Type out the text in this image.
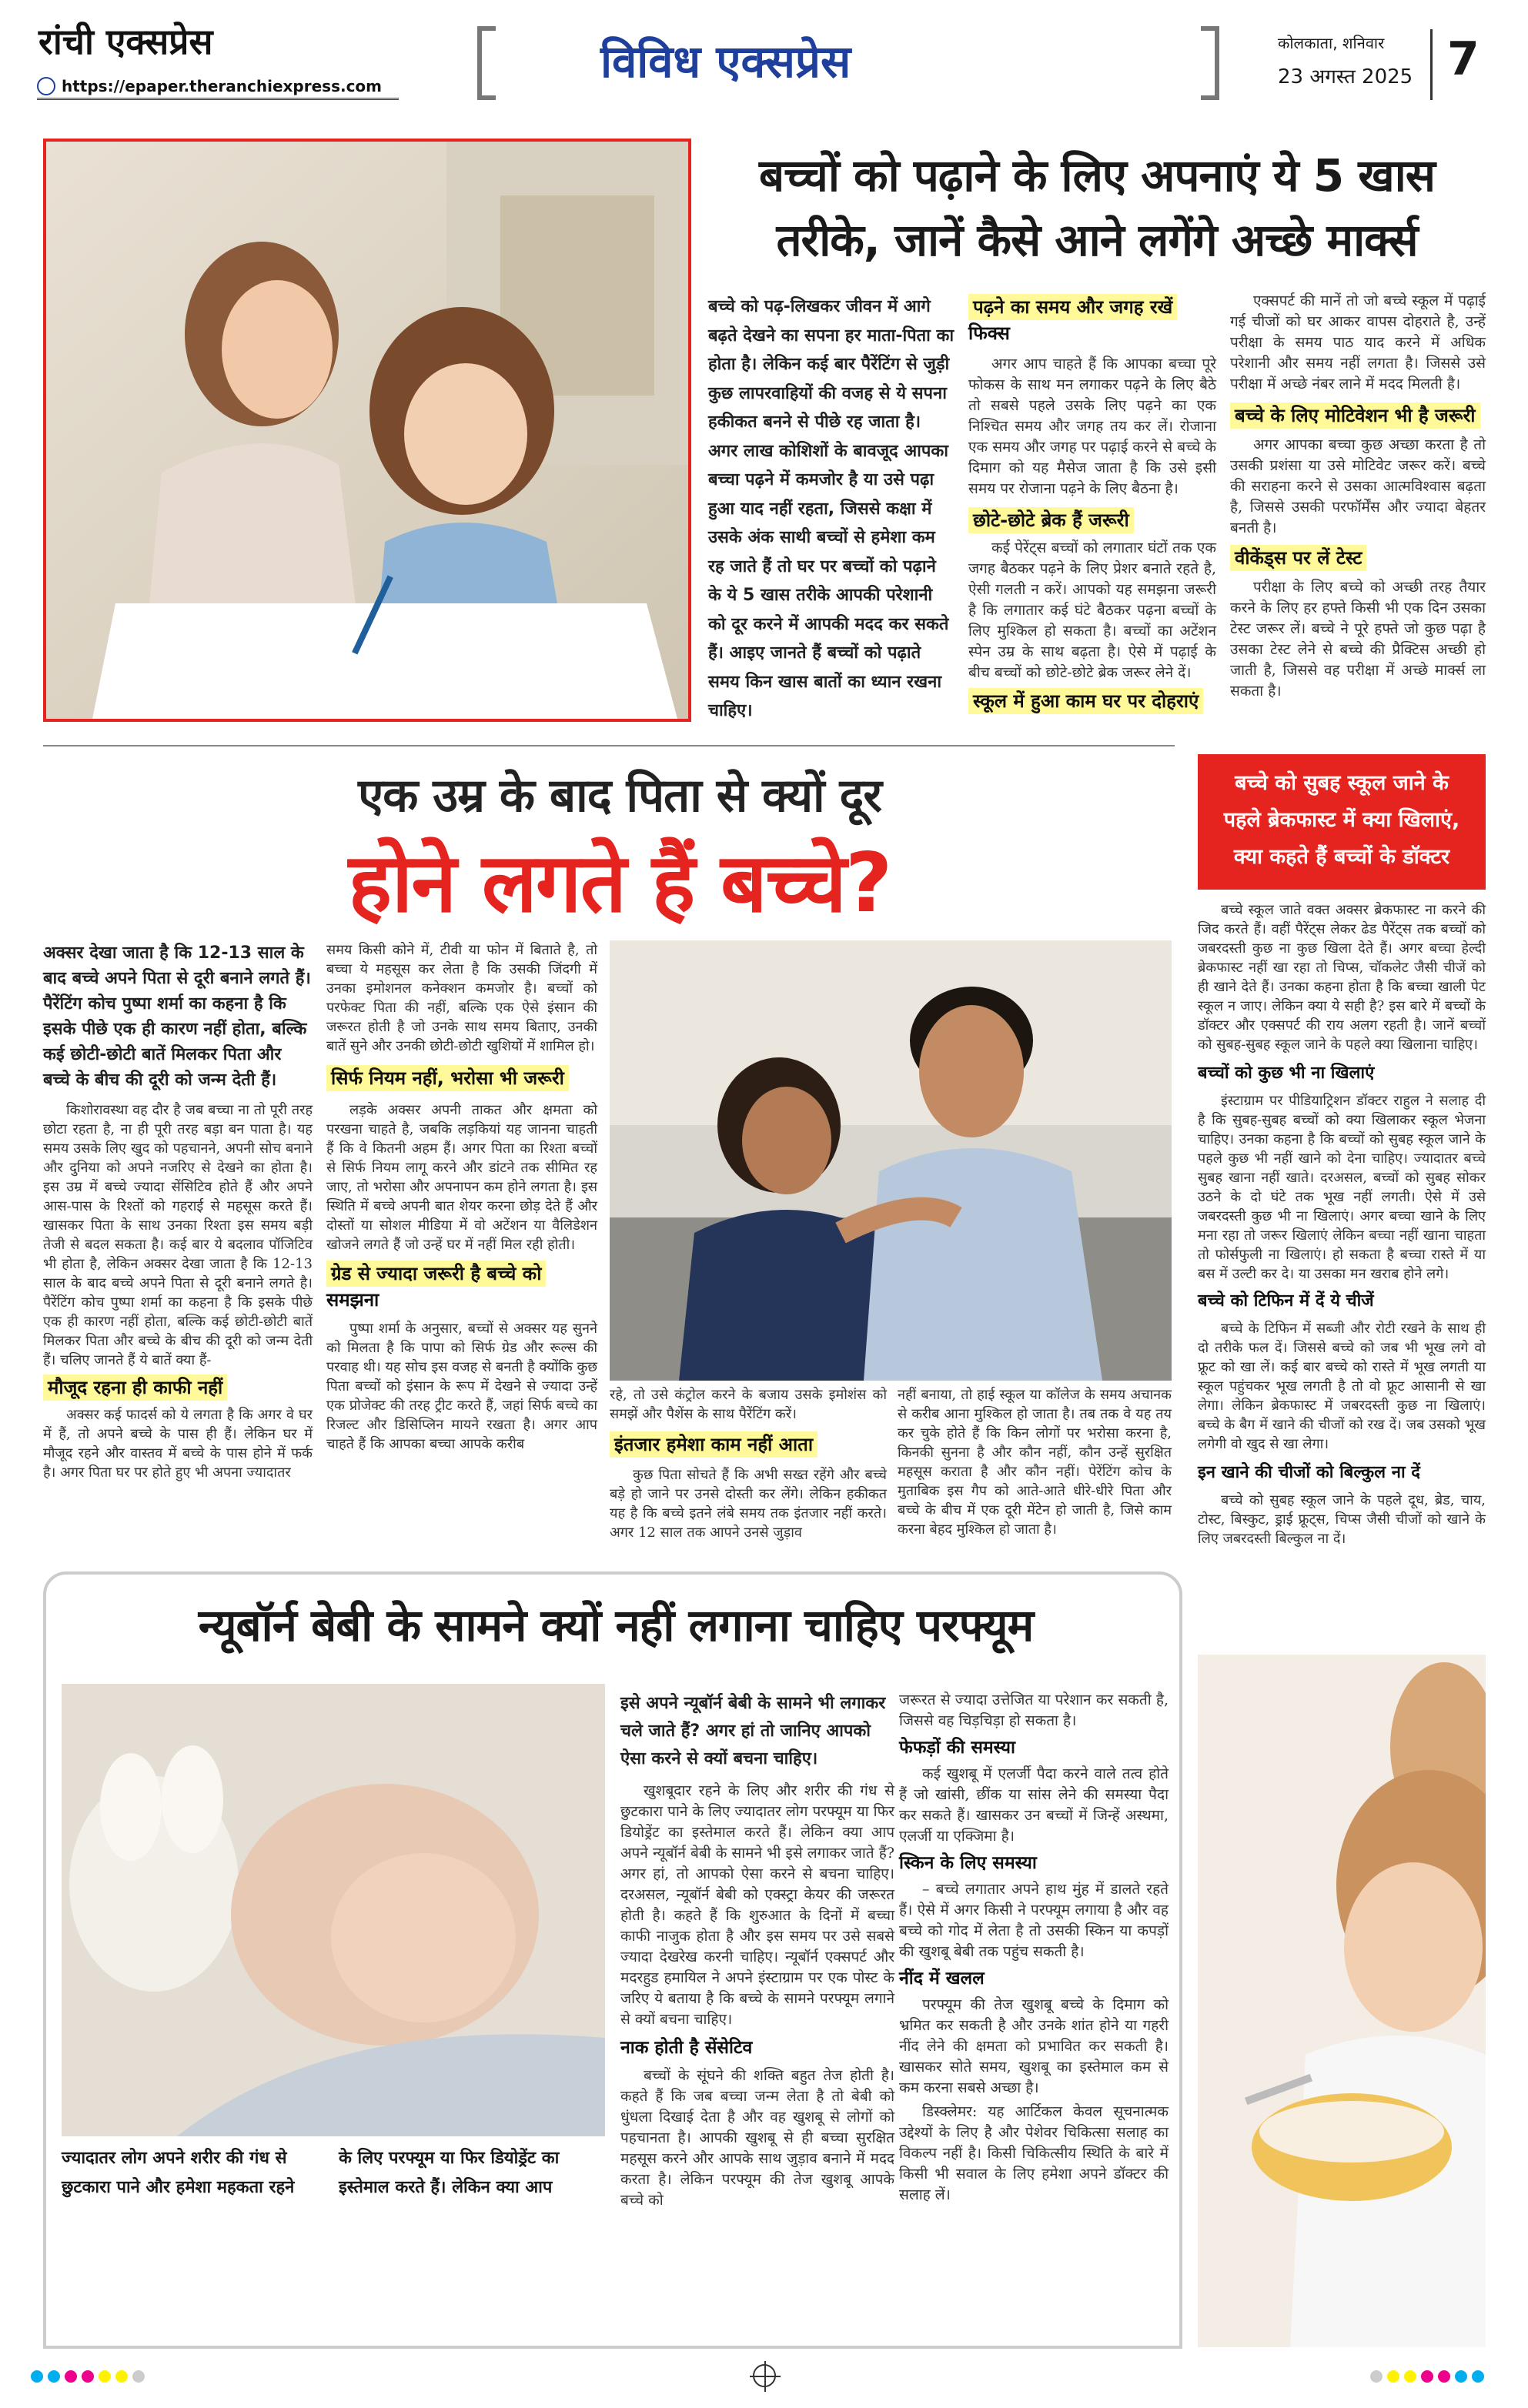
रांची एक्सप्रेस
https://epaper.theranchiexpress.com	विविध एक्सप्रेस	कोलकाता, शनिवार
23 अगस्त 2025 7
बच्चों को पढ़ाने के लिए अपनाएं ये 5 खास
तरीके, जानें कैसे आने लगेंगे अच्छे मार्क्स
बच्चे को पढ़-लिखकर जीवन में आगे बढ़ते देखने का सपना हर माता-पिता का होता है। लेकिन कई बार पैरेंटिंग से जुड़ी कुछ लापरवाहियों की वजह से ये सपना हकीकत बनने से पीछे रह जाता है। अगर लाख कोशिशों के बावजूद आपका बच्चा पढ़ने में कमजोर है या उसे पढ़ा हुआ याद नहीं रहता, जिससे कक्षा में उसके अंक साथी बच्चों से हमेशा कम रह जाते हैं तो घर पर बच्चों को पढ़ाने के ये 5 खास तरीके आपकी परेशानी को दूर करने में आपकी मदद कर सकते हैं। आइए जानते हैं बच्चों को पढ़ाते समय किन खास बातों का ध्यान रखना चाहिए।
पढ़ने का समय और जगह रखें फिक्स

अगर आप चाहते हैं कि आपका बच्चा पूरे फोकस के साथ मन लगाकर पढ़ने के लिए बैठे तो सबसे पहले उसके लिए पढ़ने का एक निश्चित समय और जगह तय कर लें। रोजाना एक समय और जगह पर पढ़ाई करने से बच्चे के दिमाग को यह मैसेज जाता है कि उसे इसी समय पर रोजाना पढ़ने के लिए बैठना है।

छोटे-छोटे ब्रेक हैं जरूरी

कई पेरेंट्स बच्चों को लगातार घंटों तक एक जगह बैठकर पढ़ने के लिए प्रेशर बनाते रहते है, ऐसी गलती न करें। आपको यह समझना जरूरी है कि लगातार कई घंटे बैठकर पढ़ना बच्चों के लिए मुश्किल हो सकता है। बच्चों का अटेंशन स्पेन उम्र के साथ बढ़ता है। ऐसे में पढ़ाई के बीच बच्चों को छोटे-छोटे ब्रेक जरूर लेने दें।

स्कूल में हुआ काम घर पर दोहराएं

एक्सपर्ट की मानें तो जो बच्चे स्कूल में पढ़ाई गई चीजों को घर आकर वापस दोहराते है, उन्हें परीक्षा के समय पाठ याद करने में अधिक परेशानी और समय नहीं लगता है। जिससे उसे परीक्षा में अच्छे नंबर लाने में मदद मिलती है।

बच्चे के लिए मोटिवेशन भी है जरूरी

अगर आपका बच्चा कुछ अच्छा करता है तो उसकी प्रशंसा या उसे मोटिवेट जरूर करें। बच्चे की सराहना करने से उसका आत्मविश्वास बढ़ता है, जिससे उसकी परफॉर्मेंस और ज्यादा बेहतर बनती है।

वीकेंड्स पर लें टेस्ट

परीक्षा के लिए बच्चे को अच्छी तरह तैयार करने के लिए हर हफ्ते किसी भी एक दिन उसका टेस्ट जरूर लें। बच्चे ने पूरे हफ्ते जो कुछ पढ़ा है उसका टेस्ट लेने से बच्चे की प्रैक्टिस अच्छी हो जाती है, जिससे वह परीक्षा में अच्छे मार्क्स ला सकता है।

एक उम्र के बाद पिता से क्यों दूर
होने लगते हैं बच्चे?
अक्सर देखा जाता है कि 12-13 साल के बाद बच्चे अपने पिता से दूरी बनाने लगते हैं। पैरेंटिंग कोच पुष्पा शर्मा का कहना है कि इसके पीछे एक ही कारण नहीं होता, बल्कि कई छोटी-छोटी बातें मिलकर पिता और बच्चे के बीच की दूरी को जन्म देती हैं।

किशोरावस्था वह दौर है जब बच्चा ना तो पूरी तरह छोटा रहता है, ना ही पूरी तरह बड़ा बन पाता है। यह समय उसके लिए खुद को पहचानने, अपनी सोच बनाने और दुनिया को अपने नजरिए से देखने का होता है। इस उम्र में बच्चे ज्यादा सेंसिटिव होते हैं और अपने आस-पास के रिश्तों को गहराई से महसूस करते हैं। खासकर पिता के साथ उनका रिश्ता इस समय बड़ी तेजी से बदल सकता है। कई बार ये बदलाव पॉजिटिव भी होता है, लेकिन अक्सर देखा जाता है कि 12-13 साल के बाद बच्चे अपने पिता से दूरी बनाने लगते है। पैरेंटिंग कोच पुष्पा शर्मा का कहना है कि इसके पीछे एक ही कारण नहीं होता, बल्कि कई छोटी-छोटी बातें मिलकर पिता और बच्चे के बीच की दूरी को जन्म देती हैं। चलिए जानते हैं ये बातें क्या हैं-

मौजूद रहना ही काफी नहीं

अक्सर कई फादर्स को ये लगता है कि अगर वे घर में हैं, तो अपने बच्चे के पास ही हैं। लेकिन घर में मौजूद रहने और वास्तव में बच्चे के पास होने में फर्क है। अगर पिता घर पर होते हुए भी अपना ज्यादातर

समय किसी कोने में, टीवी या फोन में बिताते है, तो बच्चा ये महसूस कर लेता है कि उसकी जिंदगी में उनका इमोशनल कनेक्शन कमजोर है। बच्चों को परफेक्ट पिता की नहीं, बल्कि एक ऐसे इंसान की जरूरत होती है जो उनके साथ समय बिताए, उनकी बातें सुने और उनकी छोटी-छोटी खुशियों में शामिल हो।

सिर्फ नियम नहीं, भरोसा भी जरूरी

लड़के अक्सर अपनी ताकत और क्षमता को परखना चाहते है, जबकि लड़कियां यह जानना चाहती हैं कि वे कितनी अहम हैं। अगर पिता का रिश्ता बच्चों से सिर्फ नियम लागू करने और डांटने तक सीमित रह जाए, तो भरोसा और अपनापन कम होने लगता है। इस स्थिति में बच्चे अपनी बात शेयर करना छोड़ देते हैं और दोस्तों या सोशल मीडिया में वो अटेंशन या वैलिडेशन खोजने लगते हैं जो उन्हें घर में नहीं मिल रही होती।

ग्रेड से ज्यादा जरूरी है बच्चे को समझना

पुष्पा शर्मा के अनुसार, बच्चों से अक्सर यह सुनने को मिलता है कि पापा को सिर्फ ग्रेड और रूल्स की परवाह थी। यह सोच इस वजह से बनती है क्योंकि कुछ पिता बच्चों को इंसान के रूप में देखने से ज्यादा उन्हें एक प्रोजेक्ट की तरह ट्रीट करते हैं, जहां सिर्फ बच्चे का रिजल्ट और डिसिप्लिन मायने रखता है। अगर आप चाहते हैं कि आपका बच्चा आपके करीब

रहे, तो उसे कंट्रोल करने के बजाय उसके इमोशंस को समझें और पैशेंस के साथ पैरेंटिंग करें।

इंतजार हमेशा काम नहीं आता

कुछ पिता सोचते हैं कि अभी सख्त रहेंगे और बच्चे बड़े हो जाने पर उनसे दोस्ती कर लेंगे। लेकिन हकीकत यह है कि बच्चे इतने लंबे समय तक इंतजार नहीं करते। अगर 12 साल तक आपने उनसे जुड़ाव

नहीं बनाया, तो हाई स्कूल या कॉलेज के समय अचानक से करीब आना मुश्किल हो जाता है। तब तक वे यह तय कर चुके होते हैं कि किन लोगों पर भरोसा करना है, किनकी सुनना है और कौन नहीं, कौन उन्हें सुरक्षित महसूस कराता है और कौन नहीं। पेरेंटिंग कोच के मुताबिक इस गैप को आते-आते धीरे-धीरे पिता और बच्चे के बीच में एक दूरी मेंटेन हो जाती है, जिसे काम करना बेहद मुश्किल हो जाता है।

बच्चे को सुबह स्कूल जाने के
पहले ब्रेकफास्ट में क्या खिलाएं,
क्या कहते हैं बच्चों के डॉक्टर

बच्चे स्कूल जाते वक्त अक्सर ब्रेकफास्ट ना करने की जिद करते हैं। वहीं पैरेंट्स लेकर ढेड पैरेंट्स तक बच्चों को जबरदस्ती कुछ ना कुछ खिला देते हैं। अगर बच्चा हेल्दी ब्रेकफास्ट नहीं खा रहा तो चिप्स, चॉकलेट जैसी चीजें को ही खाने देते हैं। उनका कहना होता है कि बच्चा खाली पेट स्कूल न जाए। लेकिन क्या ये सही है? इस बारे में बच्चों के डॉक्टर और एक्सपर्ट की राय अलग रहती है। जानें बच्चों को सुबह-सुबह स्कूल जाने के पहले क्या खिलाना चाहिए।

बच्चों को कुछ भी ना खिलाएं

इंस्टाग्राम पर पीडियाट्रिशन डॉक्टर राहुल ने सलाह दी है कि सुबह-सुबह बच्चों को क्या खिलाकर स्कूल भेजना चाहिए। उनका कहना है कि बच्चों को सुबह स्कूल जाने के पहले कुछ भी नहीं खाने को देना चाहिए। ज्यादातर बच्चे सुबह खाना नहीं खाते। दरअसल, बच्चों को सुबह सोकर उठने के दो घंटे तक भूख नहीं लगती। ऐसे में उसे जबरदस्ती कुछ भी ना खिलाएं। अगर बच्चा खाने के लिए मना रहा तो जरूर खिलाएं लेकिन बच्चा नहीं खाना चाहता तो फोर्सफुली ना खिलाएं। हो सकता है बच्चा रास्ते में या बस में उल्टी कर दे। या उसका मन खराब होने लगे।

बच्चे को टिफिन में दें ये चीजें

बच्चे के टिफिन में सब्जी और रोटी रखने के साथ ही दो तरीके फल दें। जिससे बच्चे को जब भी भूख लगे वो फ्रूट को खा लें। कई बार बच्चे को रास्ते में भूख लगती या स्कूल पहुंचकर भूख लगती है तो वो फ्रूट आसानी से खा लेगा। लेकिन ब्रेकफास्ट में जबरदस्ती कुछ ना खिलाएं। बच्चे के बैग में खाने की चीजों को रख दें। जब उसको भूख लगेगी वो खुद से खा लेगा।

इन खाने की चीजों को बिल्कुल ना दें

बच्चे को सुबह स्कूल जाने के पहले दूध, ब्रेड, चाय, टोस्ट, बिस्कुट, ड्राई फ्रूट्स, चिप्स जैसी चीजों को खाने के लिए जबरदस्ती बिल्कुल ना दें।

न्यूबॉर्न बेबी के सामने क्यों नहीं लगाना चाहिए परफ्यूम
ज्यादातर लोग अपने शरीर की गंध से छुटकारा पाने और हमेशा महकता रहने
के लिए परफ्यूम या फिर डियोड्रेंट का इस्तेमाल करते हैं। लेकिन क्या आप
इसे अपने न्यूबॉर्न बेबी के सामने भी लगाकर चले जाते हैं? अगर हां तो जानिए आपको ऐसा करने से क्यों बचना चाहिए।

खुशबूदार रहने के लिए और शरीर की गंध से छुटकारा पाने के लिए ज्यादातर लोग परफ्यूम या फिर डियोड्रेंट का इस्तेमाल करते हैं। लेकिन क्या आप अपने न्यूबॉर्न बेबी के सामने भी इसे लगाकर जाते हैं? अगर हां, तो आपको ऐसा करने से बचना चाहिए। दरअसल, न्यूबॉर्न बेबी को एक्स्ट्रा केयर की जरूरत होती है। कहते हैं कि शुरुआत के दिनों में बच्चा काफी नाजुक होता है और इस समय पर उसे सबसे ज्यादा देखरेख करनी चाहिए। न्यूबॉर्न एक्सपर्ट और मदरहुड हमायिल ने अपने इंस्टाग्राम पर एक पोस्ट के जरिए ये बताया है कि बच्चे के सामने परफ्यूम लगाने से क्यों बचना चाहिए।

नाक होती है सेंसेटिव

बच्चों के सूंघने की शक्ति बहुत तेज होती है। कहते हैं कि जब बच्चा जन्म लेता है तो बेबी को धुंधला दिखाई देता है और वह खुशबू से लोगों को पहचानता है। आपकी खुशबू से ही बच्चा सुरक्षित महसूस करने और आपके साथ जुड़ाव बनाने में मदद करता है। लेकिन परफ्यूम की तेज खुशबू आपके बच्चे को

जरूरत से ज्यादा उत्तेजित या परेशान कर सकती है, जिससे वह चिड़चिड़ा हो सकता है।

फेफड़ों की समस्या

कई खुशबू में एलर्जी पैदा करने वाले तत्व होते हैं जो खांसी, छींक या सांस लेने की समस्या पैदा कर सकते हैं। खासकर उन बच्चों में जिन्हें अस्थमा, एलर्जी या एक्जिमा है।

स्किन के लिए समस्या

– बच्चे लगातार अपने हाथ मुंह में डालते रहते हैं। ऐसे में अगर किसी ने परफ्यूम लगाया है और वह बच्चे को गोद में लेता है तो उसकी स्किन या कपड़ों की खुशबू बेबी तक पहुंच सकती है।

नींद में खलल

परफ्यूम की तेज खुशबू बच्चे के दिमाग को भ्रमित कर सकती है और उनके शांत होने या गहरी नींद लेने की क्षमता को प्रभावित कर सकती है। खासकर सोते समय, खुशबू का इस्तेमाल कम से कम करना सबसे अच्छा है।

डिस्क्लेमर: यह आर्टिकल केवल सूचनात्मक उद्देश्यों के लिए है और पेशेवर चिकित्सा सलाह का विकल्प नहीं है। किसी चिकित्सीय स्थिति के बारे में किसी भी सवाल के लिए हमेशा अपने डॉक्टर की सलाह लें।
